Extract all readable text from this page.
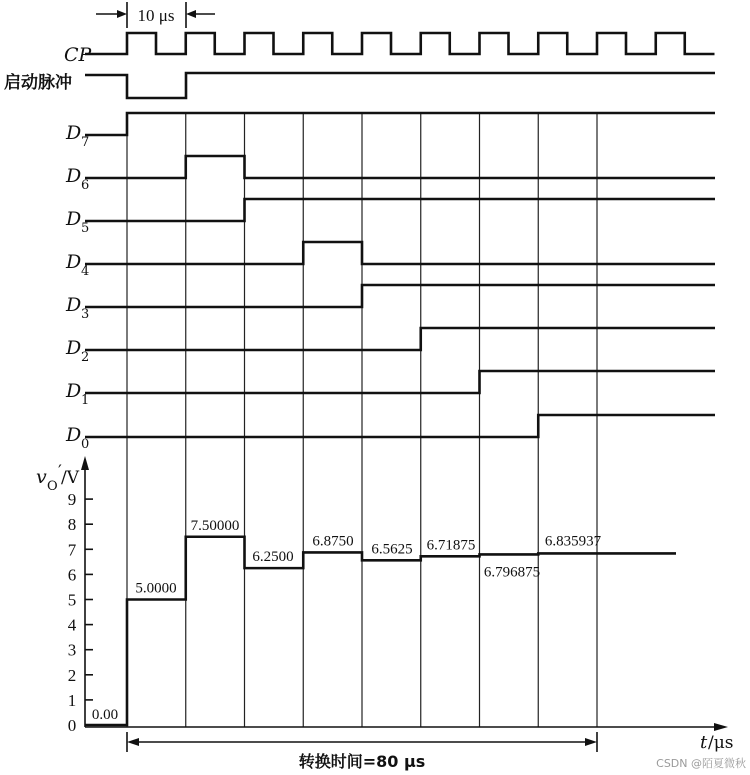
10 μs
CP
启动脉冲
D 7
D 6
D 5
D 4
D 3
D 2
D 1
D 0
v O
′ /V
0
1
2
3
4
5
6
7
8
9
0.00
5.0000
7.50000
6.2500
6.8750 6.5625 6.71875
6.796875
6.835937
t /μs
转换时间=80 μs	CSDN @陌夏微秋
